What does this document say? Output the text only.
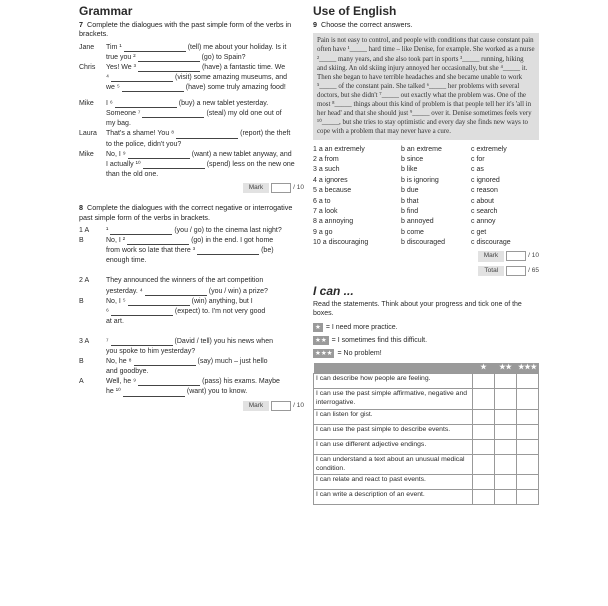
Grammar
7 Complete the dialogues with the past simple form of the verbs in brackets.
Jane	Tim ¹	(tell) me about your holiday. Is it
true you ²	(go) to Spain?
Chris	Yes! We ³	(have) a fantastic time. We
⁴	(visit) some amazing museums, and
we ⁵	(have) some truly amazing food!
Mike	I ⁶	(buy) a new tablet yesterday.
Someone ⁷	(steal) my old one out of
my bag.
Laura	That's a shame! You ⁸	(report) the theft
to the police, didn't you?
Mike	No, I ⁹	(want) a new tablet anyway, and
I actually ¹⁰	(spend) less on the new one
than the old one.
Mark	/ 10
8 Complete the dialogues with the correct negative or interrogative past simple form of the verbs in brackets.
1 A	¹	(you / go) to the cinema last night?
B	No, I ²	(go) in the end. I got home
from work so late that there ³	(be)
enough time.
2 A	They announced the winners of the art competition
yesterday. ⁴	(you / win) a prize?
B	No, I ⁵	(win) anything, but I
⁶	(expect) to. I'm not very good
at art.
3 A	⁷	(David / tell) you his news when
you spoke to him yesterday?
B	No, he ⁸	(say) much – just hello
and goodbye.
A	Well, he ⁹	(pass) his exams. Maybe
he ¹⁰	(want) you to know.
Mark	/ 10
Use of English
9 Choose the correct answers.
Pain is not easy to control, and people with conditions that cause constant pain often have ¹_____ hard time – like Denise, for example. She worked as a nurse ²_____ many years, and she also took part in sports ³_____ running, hiking and skiing. An old skiing injury annoyed her occasionally, but she ⁴_____ it. Then she began to have terrible headaches and she became unable to work ⁵_____ of the constant pain. She talked ⁶_____ her problems with several doctors, but she didn't ⁷_____ out exactly what the problem was. One of the most ⁸_____ things about this kind of problem is that people tell her it's 'all in her head' and that she should just ⁹_____ over it. Denise sometimes feels very ¹⁰_____, but she tries to stay optimistic and every day she finds new ways to cope with a problem that may never have a cure.
1 a an extremely	b an extreme	c extremely
2 a from	b since	c for
3 a such	b like	c as
4 a ignores	b is ignoring	c ignored
5 a because	b due	c reason
6 a to	b that	c about
7 a look	b find	c search
8 a annoying	b annoyed	c annoy
9 a go	b come	c get
10 a discouraging	b discouraged	c discourage
Mark	/ 10
Total	/ 65
I can ...
Read the statements. Think about your progress and tick one of the boxes.
★ = I need more practice.
★★ = I sometimes find this difficult.
★★★ = No problem!
	★	★★	★★★
I can describe how people are feeling.			
I can use the past simple affirmative, negative and interrogative.			
I can listen for gist.			
I can use the past simple to describe events.			
I can use different adjective endings.			
I can understand a text about an unusual medical condition.			
I can relate and react to past events.			
I can write a description of an event.			
